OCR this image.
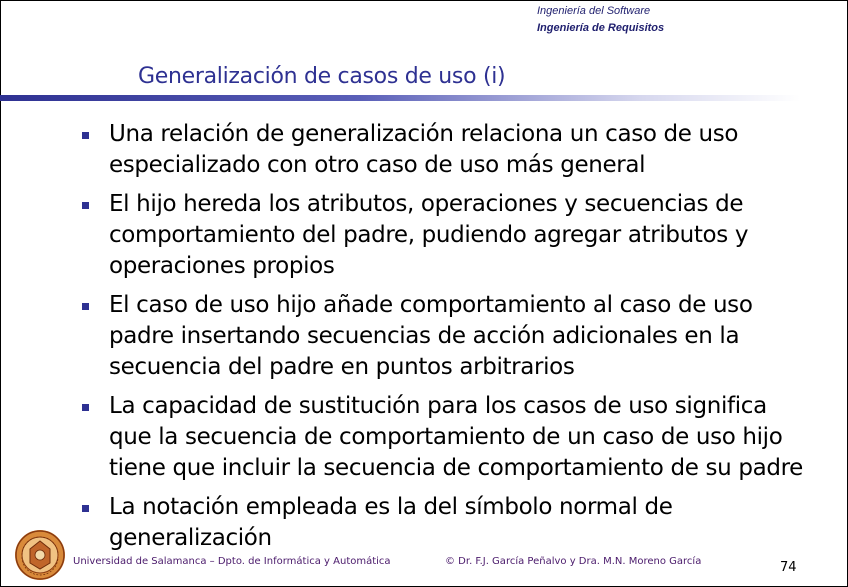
Ingeniería del Software
Ingeniería de Requisitos
Generalización de casos de uso (i)
Una relación de generalización relaciona un caso de uso
especializado con otro caso de uso más general
El hijo hereda los atributos, operaciones y secuencias de
comportamiento del padre, pudiendo agregar atributos y
operaciones propios
El caso de uso hijo añade comportamiento al caso de uso
padre insertando secuencias de acción adicionales en la
secuencia del padre en puntos arbitrarios
La capacidad de sustitución para los casos de uso significa
que la secuencia de comportamiento de un caso de uso hijo
tiene que incluir la secuencia de comportamiento de su padre
La notación empleada es la del símbolo normal de
generalización
Universidad de Salamanca – Dpto. de Informática y Automática	© Dr. F.J. García Peñalvo y Dra. M.N. Moreno García	74
